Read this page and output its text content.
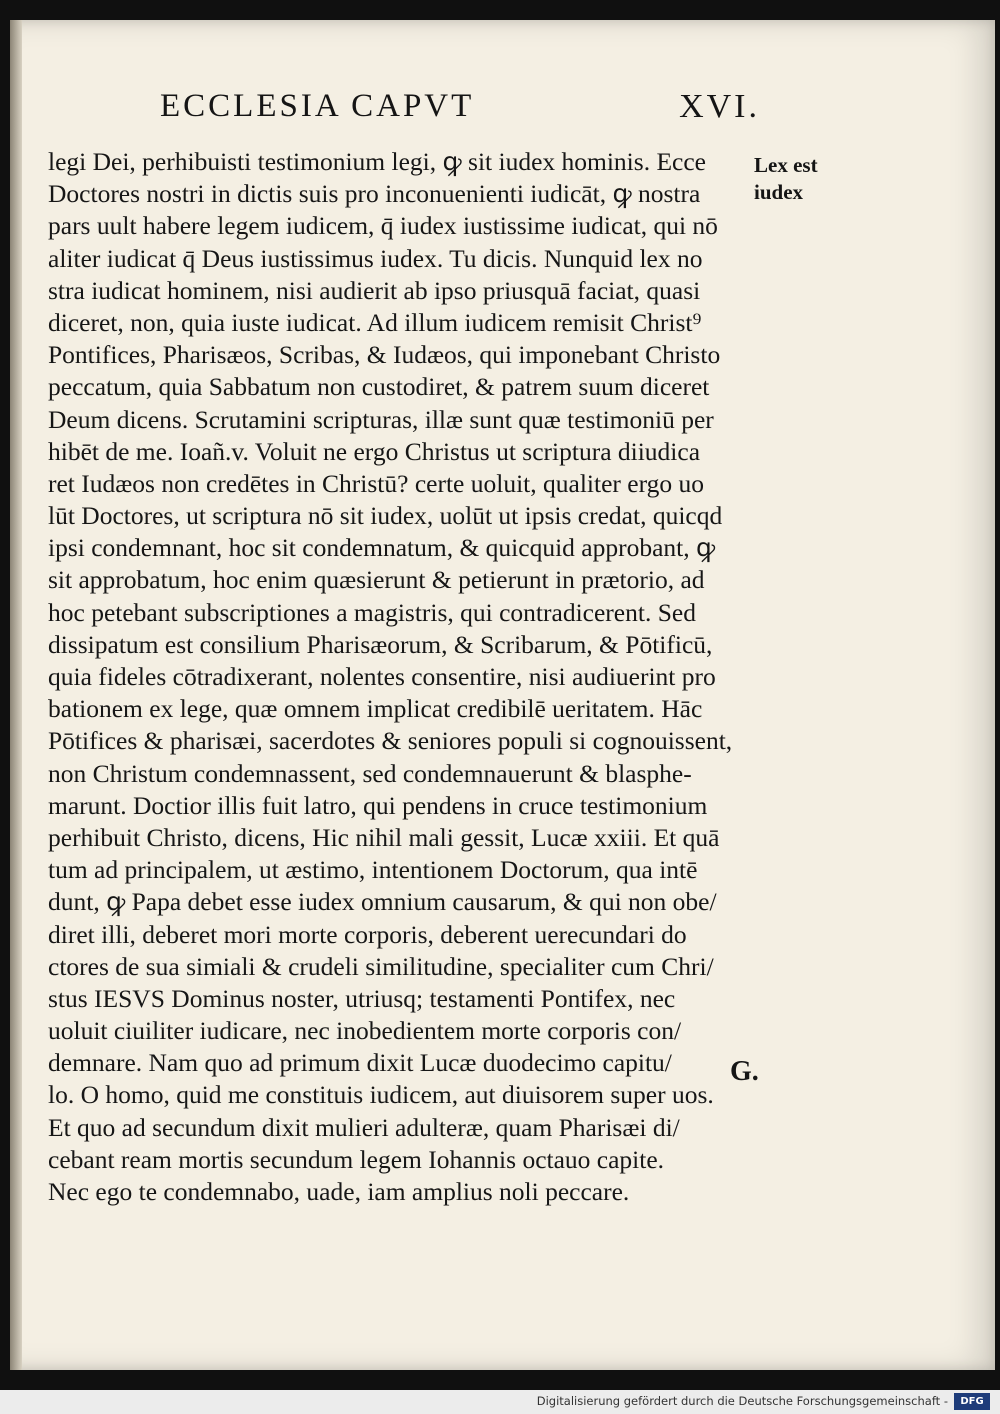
ECCLESIA CAPVT	XVI.
legi Dei, perhibuisti testimonium legi, ꝙ sit iudex hominis. Ecce
Doctores nostri in dictis suis pro inconuenienti iudicāt, ꝙ nostra
pars uult habere legem iudicem, q̄ iudex iustissime iudicat, qui nō
aliter iudicat q̄ Deus iustissimus iudex. Tu dicis. Nunquid lex no
stra iudicat hominem, nisi audierit ab ipso priusquā faciat, quasi
diceret, non, quia iuste iudicat. Ad illum iudicem remisit Christ⁹
Pontifices, Pharisæos, Scribas, & Iudæos, qui imponebant Christo
peccatum, quia Sabbatum non custodiret, & patrem suum diceret
Deum dicens. Scrutamini scripturas, illæ sunt quæ testimoniū per
hibēt de me. Ioañ.v. Voluit ne ergo Christus ut scriptura diiudica
ret Iudæos non credētes in Christū? certe uoluit, qualiter ergo uo
lūt Doctores, ut scriptura nō sit iudex, uolūt ut ipsis credat, quicqd
ipsi condemnant, hoc sit condemnatum, & quicquid approbant, ꝙ
sit approbatum, hoc enim quæsierunt & petierunt in prætorio, ad
hoc petebant subscriptiones a magistris, qui contradicerent. Sed
dissipatum est consilium Pharisæorum, & Scribarum, & Pōtificū,
quia fideles cōtradixerant, nolentes consentire, nisi audiuerint pro
bationem ex lege, quæ omnem implicat credibilē ueritatem. Hāc
Pōtifices & pharisæi, sacerdotes & seniores populi si cognouissent,
non Christum condemnassent, sed condemnauerunt & blasphe-
marunt. Doctior illis fuit latro, qui pendens in cruce testimonium
perhibuit Christo, dicens, Hic nihil mali gessit, Lucæ xxiii. Et quā
tum ad principalem, ut æstimo, intentionem Doctorum, qua intē
dunt, ꝙ Papa debet esse iudex omnium causarum, & qui non obe/
diret illi, deberet mori morte corporis, deberent uerecundari do
ctores de sua simiali & crudeli similitudine, specialiter cum Chri/
stus IESVS Dominus noster, utriusq; testamenti Pontifex, nec
uoluit ciuiliter iudicare, nec inobedientem morte corporis con/
demnare. Nam quo ad primum dixit Lucæ duodecimo capitu/
lo. O homo, quid me constituis iudicem, aut diuisorem super uos.
Et quo ad secundum dixit mulieri adulteræ, quam Pharisæi di/
cebant ream mortis secundum legem Iohannis octauo capite.
Nec ego te condemnabo, uade, iam amplius noli peccare.
Lex est
iudex
G.
Digitalisierung gefördert durch die Deutsche Forschungsgemeinschaft -	DFG
